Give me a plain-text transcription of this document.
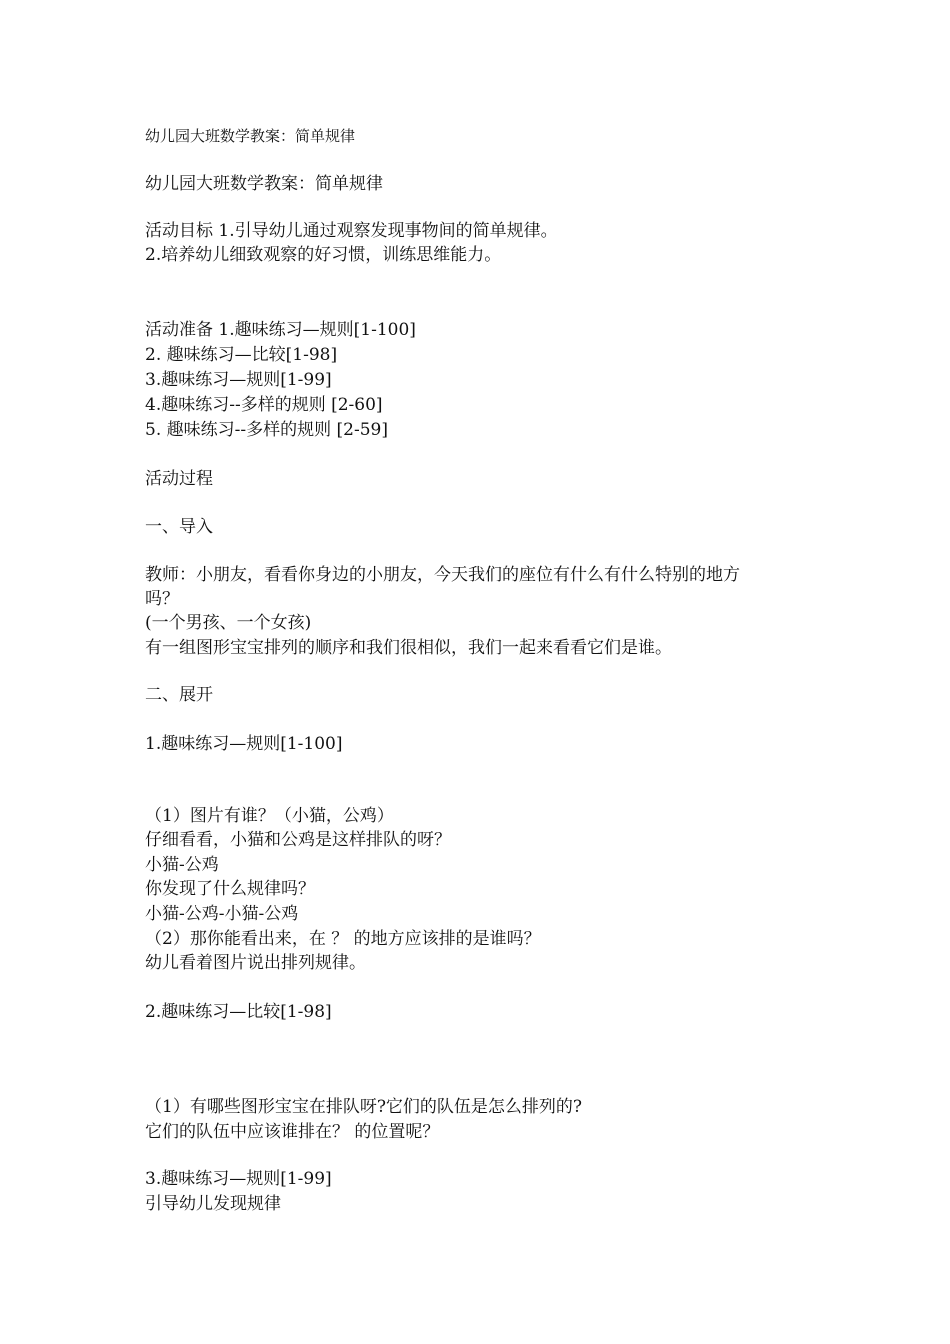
幼儿园大班数学教案：简单规律
幼儿园大班数学教案：简单规律
活动目标 1.引导幼儿通过观察发现事物间的简单规律。
2.培养幼儿细致观察的好习惯，训练思维能力。
活动准备 1.趣味练习—规则[1-100]
2. 趣味练习—比较[1-98]
3.趣味练习—规则[1-99]
4.趣味练习--多样的规则 [2-60]
5. 趣味练习--多样的规则 [2-59]
活动过程
一、导入
教师：小朋友，看看你身边的小朋友，今天我们的座位有什么有什么特别的地方
吗？
(一个男孩、一个女孩)
有一组图形宝宝排列的顺序和我们很相似，我们一起来看看它们是谁。
二、展开
1.趣味练习—规则[1-100]
（1）图片有谁？（小猫，公鸡）
仔细看看，小猫和公鸡是这样排队的呀？
小猫-公鸡
你发现了什么规律吗？
小猫-公鸡-小猫-公鸡
（2）那你能看出来，在 ？ 的地方应该排的是谁吗？
幼儿看着图片说出排列规律。
2.趣味练习—比较[1-98]
（1）有哪些图形宝宝在排队呀?它们的队伍是怎么排列的?
它们的队伍中应该谁排在？ 的位置呢？
3.趣味练习—规则[1-99]
引导幼儿发现规律
